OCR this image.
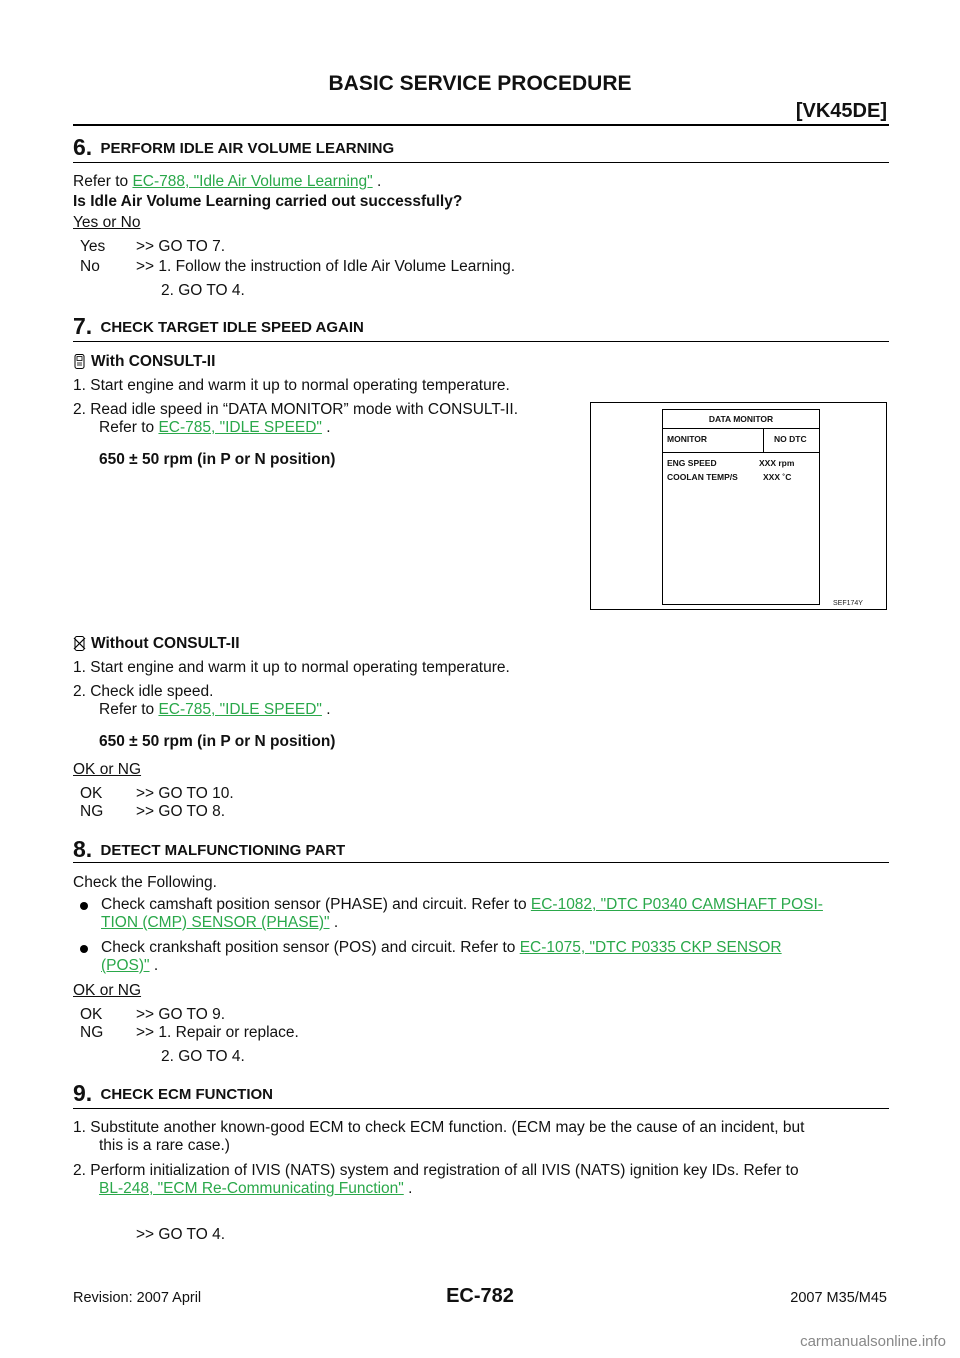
BASIC SERVICE PROCEDURE
[VK45DE]
6. PERFORM IDLE AIR VOLUME LEARNING
Refer to EC-788, "Idle Air Volume Learning" .
Is Idle Air Volume Learning carried out successfully?
Yes or No
Yes >> GO TO 7.
No >> 1. Follow the instruction of Idle Air Volume Learning.
2. GO TO 4.
7. CHECK TARGET IDLE SPEED AGAIN
With CONSULT-II
1. Start engine and warm it up to normal operating temperature.
2. Read idle speed in “DATA MONITOR” mode with CONSULT-II.
Refer to EC-785, "IDLE SPEED" .
650 ± 50 rpm (in P or N position)
DATA MONITOR
MONITOR	NO DTC
ENG SPEED	XXX rpm
COOLAN TEMP/S	XXX ˚C
SEF174Y
Without CONSULT-II
1. Start engine and warm it up to normal operating temperature.
2. Check idle speed.
Refer to EC-785, "IDLE SPEED" .
650 ± 50 rpm (in P or N position)
OK or NG
OK >> GO TO 10.
NG >> GO TO 8.
8. DETECT MALFUNCTIONING PART
Check the Following.
Check camshaft position sensor (PHASE) and circuit. Refer to EC-1082, "DTC P0340 CAMSHAFT POSI-
TION (CMP) SENSOR (PHASE)" .
Check crankshaft position sensor (POS) and circuit. Refer to EC-1075, "DTC P0335 CKP SENSOR
(POS)" .
OK or NG
OK >> GO TO 9.
NG >> 1. Repair or replace.
2. GO TO 4.
9. CHECK ECM FUNCTION
1. Substitute another known-good ECM to check ECM function. (ECM may be the cause of an incident, but
this is a rare case.)
2. Perform initialization of IVIS (NATS) system and registration of all IVIS (NATS) ignition key IDs. Refer to
BL-248, "ECM Re-Communicating Function" .
>> GO TO 4.
Revision: 2007 April	EC-782	2007 M35/M45
carmanualsonline.info
